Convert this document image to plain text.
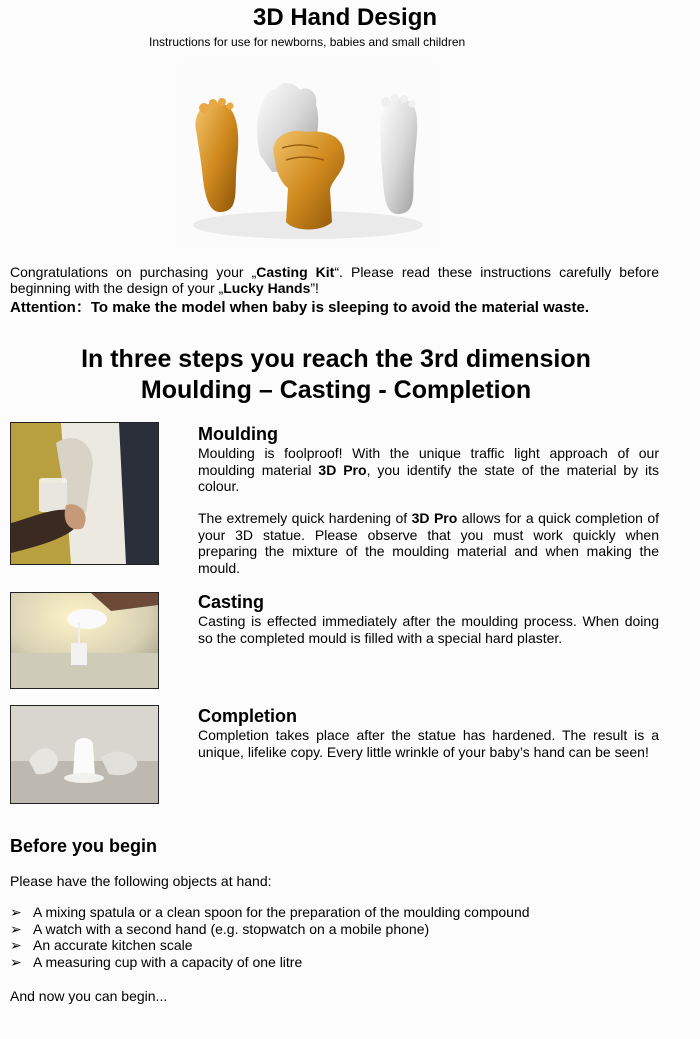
3D Hand Design
Instructions for use for newborns, babies and small children
Congratulations on purchasing your „Casting Kit“. Please read these instructions carefully before beginning with the design of your „Lucky Hands”!
Attention：To make the model when baby is sleeping to avoid the material waste.
In three steps you reach the 3rd dimension
Moulding – Casting - Completion
Moulding
Moulding is foolproof! With the unique traffic light approach of our moulding material 3D Pro, you identify the state of the material by its colour.
The extremely quick hardening of 3D Pro allows for a quick completion of your 3D statue. Please observe that you must work quickly when preparing the mixture of the moulding material and when making the mould.
Casting
Casting is effected immediately after the moulding process. When doing so the completed mould is filled with a special hard plaster.
Completion
Completion takes place after the statue has hardened. The result is a unique, lifelike copy. Every little wrinkle of your baby’s hand can be seen!
Before you begin
Please have the following objects at hand:
➢ A mixing spatula or a clean spoon for the preparation of the moulding compound
➢ A watch with a second hand (e.g. stopwatch on a mobile phone)
➢ An accurate kitchen scale
➢ A measuring cup with a capacity of one litre
And now you can begin...
